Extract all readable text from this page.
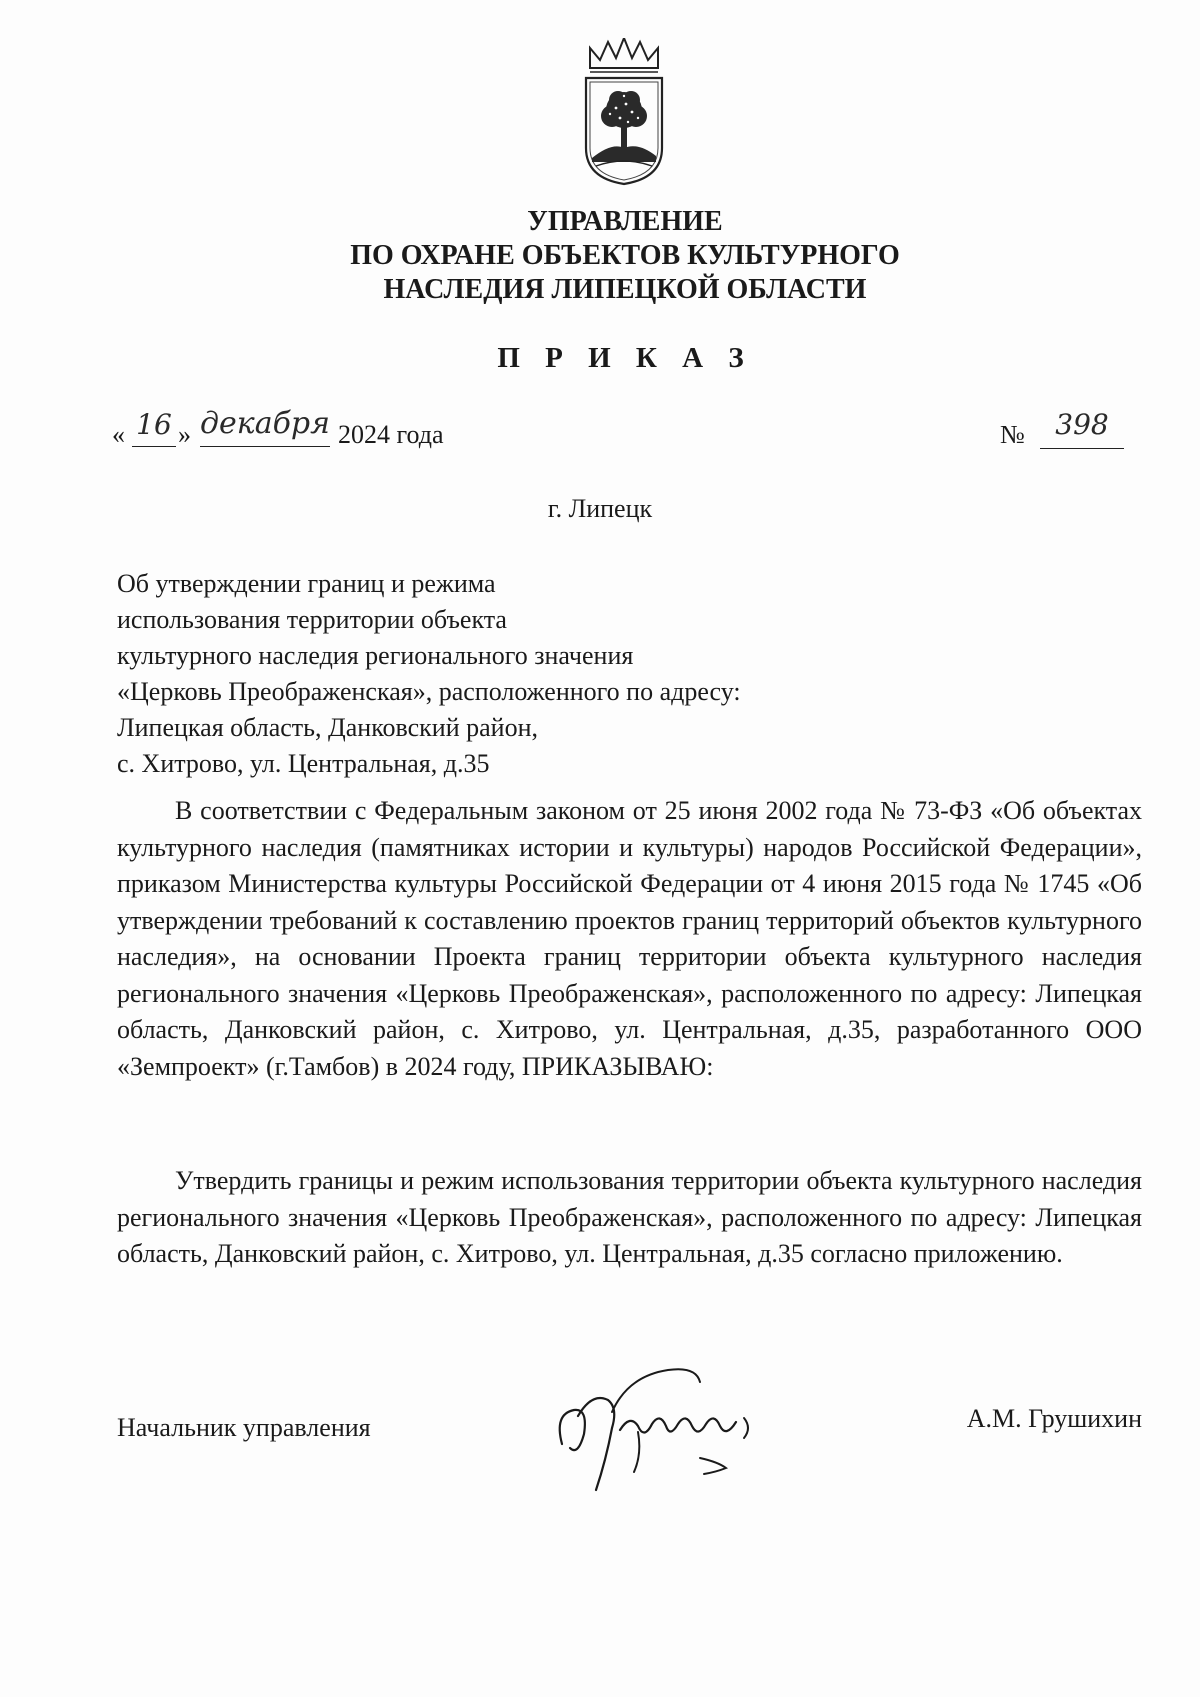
УПРАВЛЕНИЕ
ПО ОХРАНЕ ОБЪЕКТОВ КУЛЬТУРНОГО
НАСЛЕДИЯ ЛИПЕЦКОЙ ОБЛАСТИ
П Р И К А З
« 16 » декабря 2024 года	№	398
г. Липецк
Об утверждении границ и режима
использования территории объекта
культурного наследия регионального значения
«Церковь Преображенская», расположенного по адресу:
Липецкая область, Данковский район,
с. Хитрово, ул. Центральная, д.35
В соответствии с Федеральным законом от 25 июня 2002 года № 73-ФЗ «Об объектах культурного наследия (памятниках истории и культуры) народов Российской Федерации», приказом Министерства культуры Российской Федерации от 4 июня 2015 года № 1745 «Об утверждении требований к составлению проектов границ территорий объектов культурного наследия», на основании Проекта границ территории объекта культурного наследия регионального значения «Церковь Преображенская», расположенного по адресу: Липецкая область, Данковский район, с. Хитрово, ул. Центральная, д.35, разработанного ООО «Земпроект» (г.Тамбов) в 2024 году, ПРИКАЗЫВАЮ:
Утвердить границы и режим использования территории объекта культурного наследия регионального значения «Церковь Преображенская», расположенного по адресу: Липецкая область, Данковский район, с. Хитрово, ул. Центральная, д.35 согласно приложению.
Начальник управления	А.М. Грушихин
